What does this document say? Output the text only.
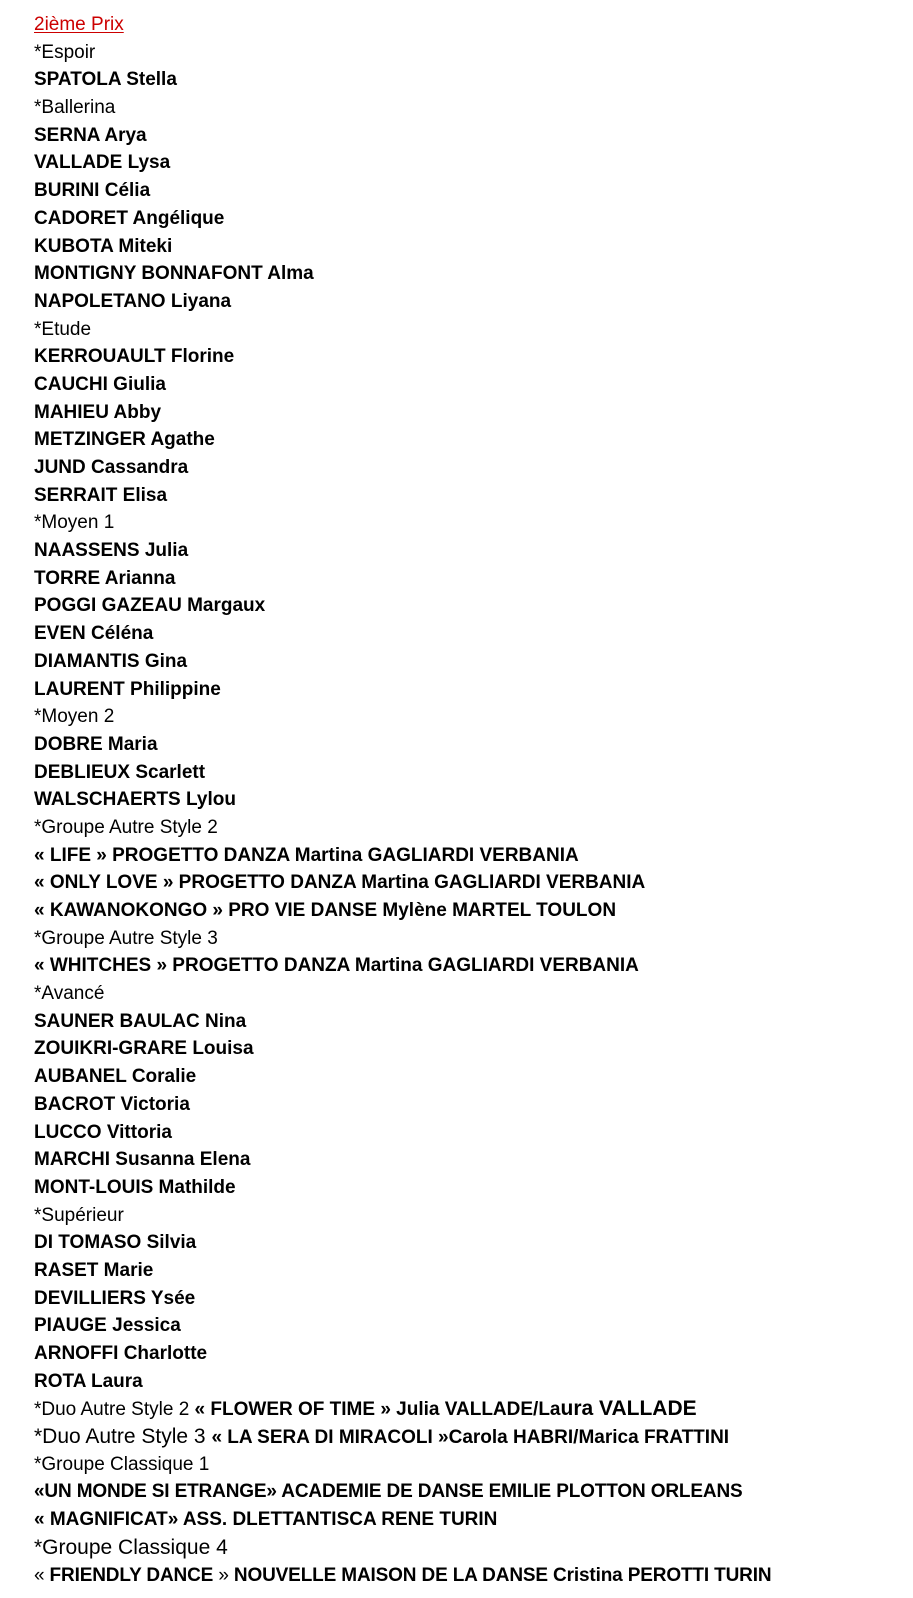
2ième Prix
*Espoir
SPATOLA Stella
*Ballerina
SERNA Arya
VALLADE Lysa
BURINI Célia
CADORET Angélique
KUBOTA Miteki
MONTIGNY BONNAFONT Alma
NAPOLETANO Liyana
*Etude
KERROUAULT Florine
CAUCHI Giulia
MAHIEU Abby
METZINGER Agathe
JUND Cassandra
SERRAIT Elisa
*Moyen 1
NAASSENS Julia
TORRE Arianna
POGGI GAZEAU Margaux
EVEN Céléna
DIAMANTIS Gina
LAURENT Philippine
*Moyen 2
DOBRE Maria
DEBLIEUX Scarlett
WALSCHAERTS Lylou
*Groupe Autre Style 2
« LIFE » PROGETTO DANZA Martina GAGLIARDI VERBANIA
« ONLY LOVE » PROGETTO DANZA Martina GAGLIARDI VERBANIA
« KAWANOKONGO » PRO VIE DANSE Mylène MARTEL TOULON
*Groupe Autre Style 3
« WHITCHES » PROGETTO DANZA Martina GAGLIARDI VERBANIA
*Avancé
SAUNER BAULAC Nina
ZOUIKRI-GRARE Louisa
AUBANEL Coralie
BACROT Victoria
LUCCO Vittoria
MARCHI Susanna Elena
MONT-LOUIS Mathilde
*Supérieur
DI TOMASO Silvia
RASET Marie
DEVILLIERS Ysée
PIAUGE Jessica
ARNOFFI Charlotte
ROTA Laura
*Duo Autre Style 2 « FLOWER OF TIME » Julia VALLADE/Laura VALLADE
*Duo Autre Style 3 « LA SERA DI MIRACOLI »Carola HABRI/Marica FRATTINI
*Groupe Classique 1
«UN MONDE SI ETRANGE» ACADEMIE DE DANSE EMILIE PLOTTON ORLEANS
« MAGNIFICAT» ASS. DLETTANTISCA RENE TURIN
*Groupe Classique 4
« FRIENDLY DANCE » NOUVELLE MAISON DE LA DANSE Cristina PEROTTI TURIN
